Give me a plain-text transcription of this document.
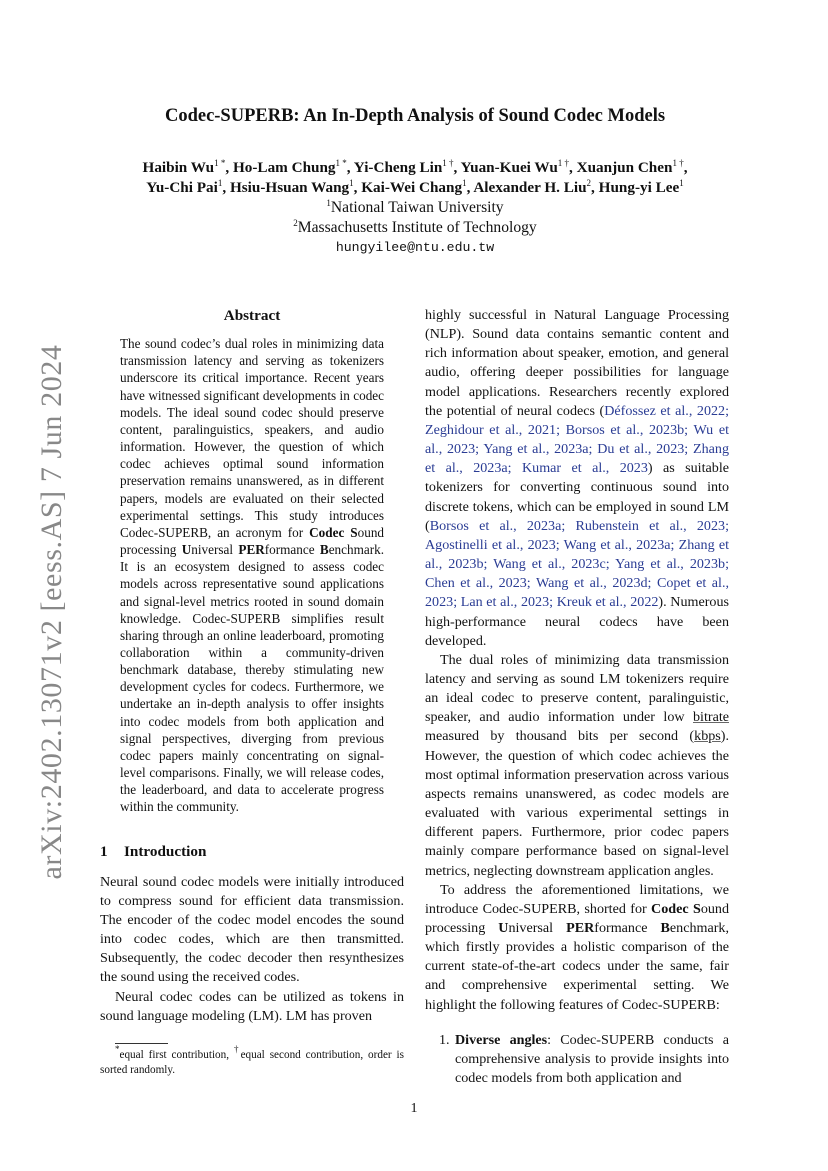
arXiv:2402.13071v2 [eess.AS] 7 Jun 2024
Codec-SUPERB: An In-Depth Analysis of Sound Codec Models
Haibin $Wu^{1 *}$, Ho-Lam Chung$^{1 *}$, Yi-Cheng Lin$^{1 \dagger}$, Yuan-Kuei $Wu^{1 \dagger}$, Xuanjun Chen$^{1 \dagger}$,
Yu-Chi Pai$^1$, Hsiu-Hsuan Wang$^1$, Kai-Wei Chang$^1$, Alexander H. Liu$^2$, Hung-yi Lee$^1$
$^1$National Taiwan University
$^2$Massachusetts Institute of Technology
hungyilee@ntu.edu.tw
Abstract
The sound codec’s dual roles in minimizing data transmission latency and serving as tokenizers underscore its critical importance. Recent years have witnessed significant developments in codec models. The ideal sound codec should preserve content, paralinguistics, speakers, and audio information. However, the question of which codec achieves optimal sound information preservation remains unanswered, as in different papers, models are evaluated on their selected experimental settings. This study introduces Codec-SUPERB, an acronym for Codec Sound processing Universal PERformance Benchmark. It is an ecosystem designed to assess codec models across representative sound applications and signal-level metrics rooted in sound domain knowledge. Codec-SUPERB simplifies result sharing through an online leaderboard, promoting collaboration within a community-driven benchmark database, thereby stimulating new development cycles for codecs. Furthermore, we undertake an in-depth analysis to offer insights into codec models from both application and signal perspectives, diverging from previous codec papers mainly concentrating on signal-level comparisons. Finally, we will release codes, the leaderboard, and data to accelerate progress within the community.
1 Introduction

Neural sound codec models were initially introduced to compress sound for efficient data transmission. The encoder of the codec model encodes the sound into codec codes, which are then transmitted. Subsequently, the codec decoder then resynthesizes the sound using the received codes.

Neural codec codes can be utilized as tokens in sound language modeling (LM). LM has proven

*equal first contribution, †equal second contribution, order is sorted randomly.

highly successful in Natural Language Processing (NLP). Sound data contains semantic content and rich information about speaker, emotion, and general audio, offering deeper possibilities for language model applications. Researchers recently explored the potential of neural codecs (Défossez et al., 2022; Zeghidour et al., 2021; Borsos et al., 2023b; Wu et al., 2023; Yang et al., 2023a; Du et al., 2023; Zhang et al., 2023a; Kumar et al., 2023) as suitable tokenizers for converting continuous sound into discrete tokens, which can be employed in sound LM (Borsos et al., 2023a; Rubenstein et al., 2023; Agostinelli et al., 2023; Wang et al., 2023a; Zhang et al., 2023b; Wang et al., 2023c; Yang et al., 2023b; Chen et al., 2023; Wang et al., 2023d; Copet et al., 2023; Lan et al., 2023; Kreuk et al., 2022). Numerous high-performance neural codecs have been developed.

The dual roles of minimizing data transmission latency and serving as sound LM tokenizers require an ideal codec to preserve content, paralinguistic, speaker, and audio information under low bitrate measured by thousand bits per second (kbps). However, the question of which codec achieves the most optimal information preservation across various aspects remains unanswered, as codec models are evaluated with various experimental settings in different papers. Furthermore, prior codec papers mainly compare performance based on signal-level metrics, neglecting downstream application angles.

To address the aforementioned limitations, we introduce Codec-SUPERB, shorted for Codec Sound processing Universal PERformance Benchmark, which firstly provides a holistic comparison of the current state-of-the-art codecs under the same, fair and comprehensive experimental setting. We highlight the following features of Codec-SUPERB:

1. Diverse angles: Codec-SUPERB conducts a comprehensive analysis to provide insights into codec models from both application and
1
